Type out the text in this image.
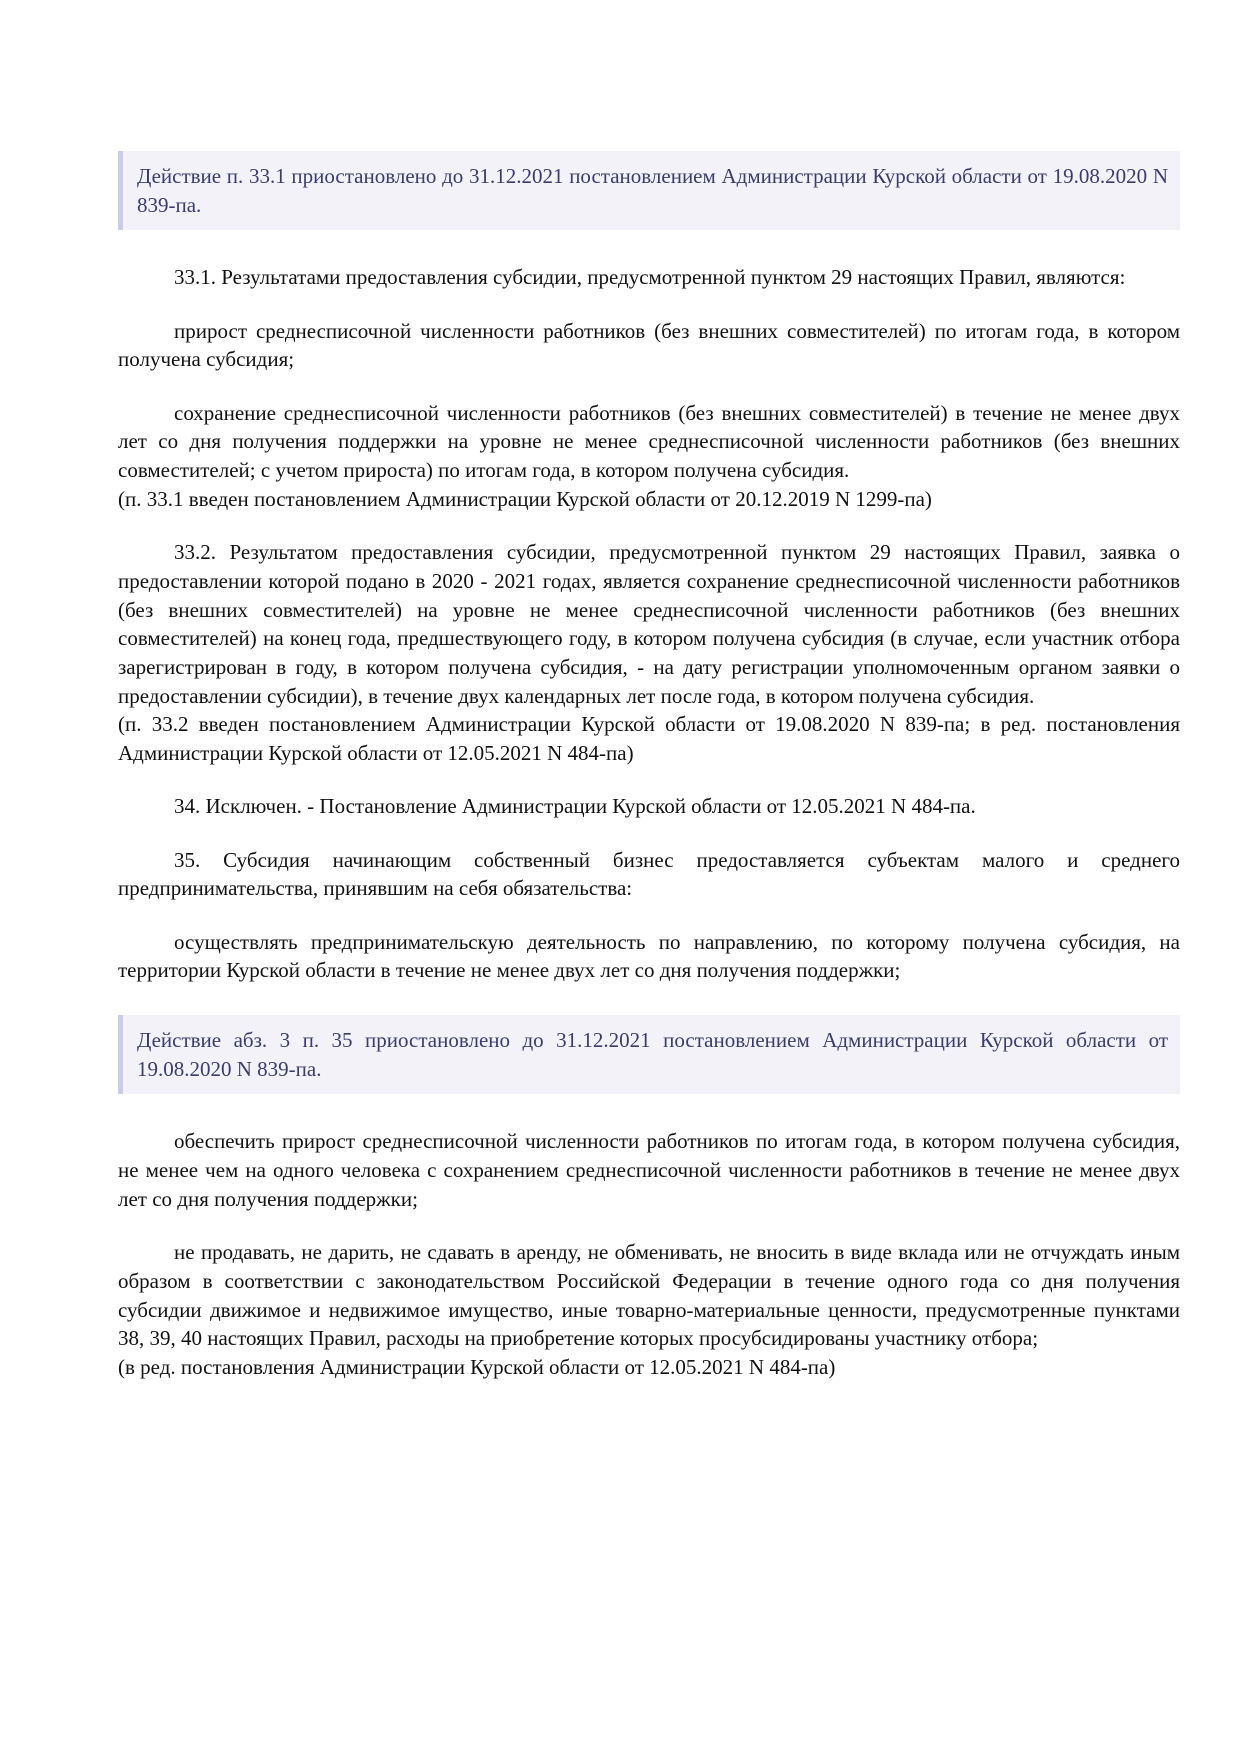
Действие п. 33.1 приостановлено до 31.12.2021 постановлением Администрации Курской области от 19.08.2020 N 839-па.

33.1. Результатами предоставления субсидии, предусмотренной пунктом 29 настоящих Правил, являются:

прирост среднесписочной численности работников (без внешних совместителей) по итогам года, в котором получена субсидия;

сохранение среднесписочной численности работников (без внешних совместителей) в течение не менее двух лет со дня получения поддержки на уровне не менее среднесписочной численности работников (без внешних совместителей; с учетом прироста) по итогам года, в котором получена субсидия.

(п. 33.1 введен постановлением Администрации Курской области от 20.12.2019 N 1299-па)

33.2. Результатом предоставления субсидии, предусмотренной пунктом 29 настоящих Правил, заявка о предоставлении которой подано в 2020 - 2021 годах, является сохранение среднесписочной численности работников (без внешних совместителей) на уровне не менее среднесписочной численности работников (без внешних совместителей) на конец года, предшествующего году, в котором получена субсидия (в случае, если участник отбора зарегистрирован в году, в котором получена субсидия, - на дату регистрации уполномоченным органом заявки о предоставлении субсидии), в течение двух календарных лет после года, в котором получена субсидия.

(п. 33.2 введен постановлением Администрации Курской области от 19.08.2020 N 839-па; в ред. постановления Администрации Курской области от 12.05.2021 N 484-па)

34. Исключен. - Постановление Администрации Курской области от 12.05.2021 N 484-па.

35. Субсидия начинающим собственный бизнес предоставляется субъектам малого и среднего предпринимательства, принявшим на себя обязательства:

осуществлять предпринимательскую деятельность по направлению, по которому получена субсидия, на территории Курской области в течение не менее двух лет со дня получения поддержки;

Действие абз. 3 п. 35 приостановлено до 31.12.2021 постановлением Администрации Курской области от 19.08.2020 N 839-па.

обеспечить прирост среднесписочной численности работников по итогам года, в котором получена субсидия, не менее чем на одного человека с сохранением среднесписочной численности работников в течение не менее двух лет со дня получения поддержки;

не продавать, не дарить, не сдавать в аренду, не обменивать, не вносить в виде вклада или не отчуждать иным образом в соответствии с законодательством Российской Федерации в течение одного года со дня получения субсидии движимое и недвижимое имущество, иные товарно-материальные ценности, предусмотренные пунктами 38, 39, 40 настоящих Правил, расходы на приобретение которых просубсидированы участнику отбора;

(в ред. постановления Администрации Курской области от 12.05.2021 N 484-па)
